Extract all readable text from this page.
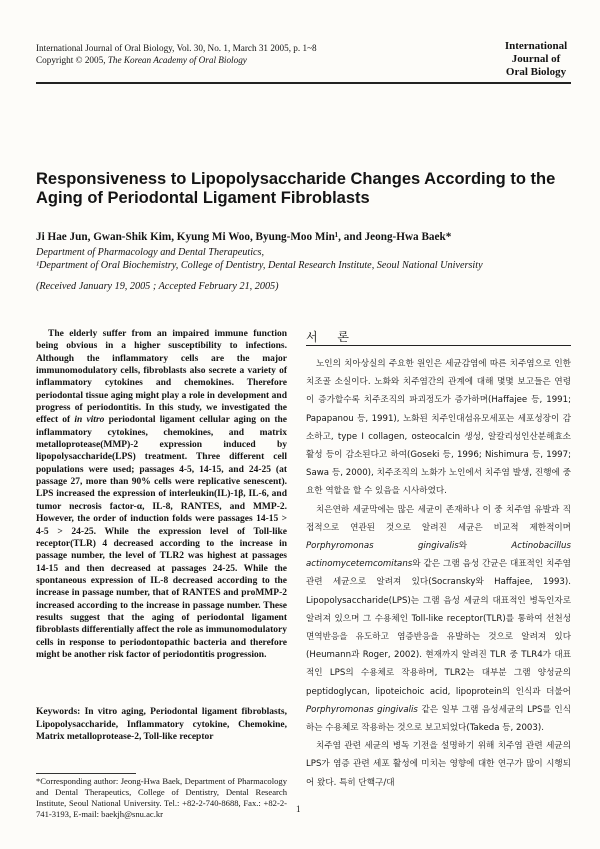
International Journal of Oral Biology, Vol. 30, No. 1, March 31 2005, p. 1~8
Copyright © 2005, The Korean Academy of Oral Biology
International
Journal of
Oral Biology
Responsiveness to Lipopolysaccharide Changes According to the Aging of Periodontal Ligament Fibroblasts
Ji Hae Jun, Gwan-Shik Kim, Kyung Mi Woo, Byung-Moo Min¹, and Jeong-Hwa Baek*
Department of Pharmacology and Dental Therapeutics,
¹Department of Oral Biochemistry, College of Dentistry, Dental Research Institute, Seoul National University
(Received January 19, 2005 ; Accepted February 21, 2005)
The elderly suffer from an impaired immune function being obvious in a higher susceptibility to infections. Although the inflammatory cells are the major immunomodulatory cells, fibroblasts also secrete a variety of inflammatory cytokines and chemokines. Therefore periodontal tissue aging might play a role in development and progress of periodontitis. In this study, we investigated the effect of in vitro periodontal ligament cellular aging on the inflammatory cytokines, chemokines, and matrix metalloprotease(MMP)-2 expression induced by lipopolysaccharide(LPS) treatment. Three different cell populations were used; passages 4-5, 14-15, and 24-25 (at passage 27, more than 90% cells were replicative senescent). LPS increased the expression of interleukin(IL)-1β, IL-6, and tumor necrosis factor-α, IL-8, RANTES, and MMP-2. However, the order of induction folds were passages 14-15 > 4-5 > 24-25. While the expression level of Toll-like receptor(TLR) 4 decreased according to the increase in passage number, the level of TLR2 was highest at passages 14-15 and then decreased at passages 24-25. While the spontaneous expression of IL-8 decreased according to the increase in passage number, that of RANTES and proMMP-2 increased according to the increase in passage number. These results suggest that the aging of periodontal ligament fibroblasts differentially affect the role as immunomodulatory cells in response to periodontopathic bacteria and therefore might be another risk factor of periodontitis progression.
Keywords: In vitro aging, Periodontal ligament fibroblasts, Lipopolysaccharide, Inflammatory cytokine, Chemokine, Matrix metalloprotease-2, Toll-like receptor
*Corresponding author: Jeong-Hwa Baek, Department of Pharmacology and Dental Therapeutics, College of Dentistry, Dental Research Institute, Seoul National University. Tel.: +82-2-740-8688, Fax.: +82-2-741-3193, E-mail: baekjh@snu.ac.kr
서 론

노인의 치아상실의 주요한 원인은 세균감염에 따른 치주염으로 인한 치조골 소실이다. 노화와 치주염간의 관계에 대해 몇몇 보고들은 연령이 증가할수록 치주조직의 파괴정도가 증가하며(Haffajee 등, 1991; Papapanou 등, 1991), 노화된 치주인대섬유모세포는 세포성장이 감소하고, type I collagen, osteocalcin 생성, 알칼리성인산분해효소 활성 등이 감소된다고 하여(Goseki 등, 1996; Nishimura 등, 1997; Sawa 등, 2000), 치주조직의 노화가 노인에서 치주염 발생, 진행에 중요한 역할을 할 수 있음을 시사하였다.

치은연하 세균막에는 많은 세균이 존재하나 이 중 치주염 유발과 직접적으로 연관된 것으로 알려진 세균은 비교적 제한적이며 Porphyromonas gingivalis와 Actinobacillus actinomycetemcomitans와 같은 그램 음성 간균은 대표적인 치주염 관련 세균으로 알려져 있다(Socransky와 Haffajee, 1993). Lipopolysaccharide(LPS)는 그램 음성 세균의 대표적인 병독인자로 알려져 있으며 그 수용체인 Toll-like receptor(TLR)를 통하여 선천성 면역반응을 유도하고 염증반응을 유발하는 것으로 알려져 있다(Heumann과 Roger, 2002). 현재까지 알려진 TLR 중 TLR4가 대표적인 LPS의 수용체로 작용하며, TLR2는 대부분 그램 양성균의 peptidoglycan, lipoteichoic acid, lipoprotein의 인식과 더불어 Porphyromonas gingivalis 같은 일부 그램 음성세균의 LPS를 인식하는 수용체로 작용하는 것으로 보고되었다(Takeda 등, 2003).

치주염 관련 세균의 병독 기전을 설명하기 위해 치주염 관련 세균의 LPS가 염증 관련 세포 활성에 미치는 영향에 대한 연구가 많이 시행되어 왔다. 특히 단핵구/대

1
